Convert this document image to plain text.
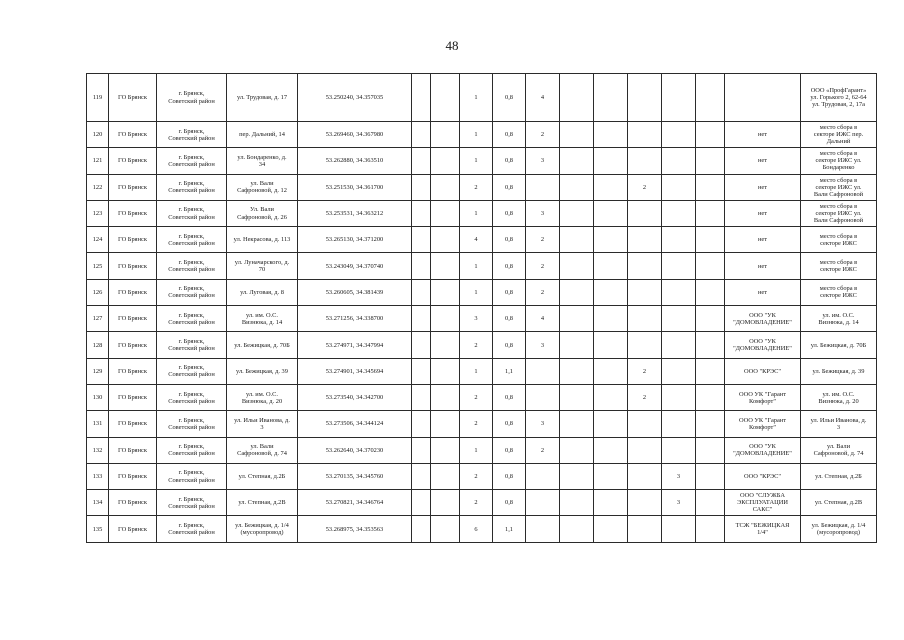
48
119	ГО Брянск	г. Брянск,
Советский район	ул. Трудовая, д. 17	53.250240, 34.357035			1	0,8	4							ООО «ПрофГарант»
ул. Горького 2, 62-64
ул. Трудовая, 2, 17а
120	ГО Брянск	г. Брянск,
Советский район	пер. Дальний, 14	53.269460, 34.367980			1	0,8	2						нет	место сбора в
секторе ИЖС пер.
Дальний
121	ГО Брянск	г. Брянск,
Советский район	ул. Бондаренко, д.
34	53.262880, 34.363510			1	0,8	3						нет	место сбора в
секторе ИЖС ул.
Бондаренко
122	ГО Брянск	г. Брянск,
Советский район	ул. Вали
Сафроновой, д. 12	53.251530, 34.361700			2	0,8				2			нет	место сбора в
секторе ИЖС ул.
Вали Сафроновой
123	ГО Брянск	г. Брянск,
Советский район	Ул. Вали
Сафроновой, д. 26	53.253531, 34.363212			1	0,8	3						нет	место сбора в
секторе ИЖС ул.
Вали Сафроновой
124	ГО Брянск	г. Брянск,
Советский район	ул. Некрасова, д. 113	53.265130, 34.371200			4	0,8	2						нет	место сбора в
секторе ИЖС
125	ГО Брянск	г. Брянск,
Советский район	ул. Луначарского, д.
70	53.243049, 34.370740			1	0,8	2						нет	место сбора в
секторе ИЖС
126	ГО Брянск	г. Брянск,
Советский район	ул. Луговая, д. 8	53.260605, 34.381439			1	0,8	2						нет	место сбора в
секторе ИЖС
127	ГО Брянск	г. Брянск,
Советский район	ул. им. О.С.
Визнюка, д. 14	53.271256, 34.338700			3	0,8	4						ООО "УК
"ДОМОВЛАДЕНИЕ"	ул. им. О.С.
Визнюка, д. 14
128	ГО Брянск	г. Брянск,
Советский район	ул. Бежицкая, д. 70Б	53.274971, 34.347994			2	0,8	3						ООО "УК
"ДОМОВЛАДЕНИЕ"	ул. Бежицкая, д. 70Б
129	ГО Брянск	г. Брянск,
Советский район	ул. Бежицкая, д. 39	53.274901, 34.345694			1	1,1				2			ООО "КРЭС"	ул. Бежицкая, д. 39
130	ГО Брянск	г. Брянск,
Советский район	ул. им. О.С.
Визнюка, д. 20	53.273540, 34.342700			2	0,8				2			ООО УК "Гарант
Комфорт"	ул. им. О.С.
Визнюка, д. 20
131	ГО Брянск	г. Брянск,
Советский район	ул. Ильи Иванова, д.
3	53.273506, 34.344124			2	0,8	3						ООО УК "Гарант
Комфорт"	ул. Ильи Иванова, д.
3
132	ГО Брянск	г. Брянск,
Советский район	ул. Вали
Сафроновой, д. 74	53.262640, 34.370230			1	0,8	2						ООО "УК
"ДОМОВЛАДЕНИЕ"	ул. Вали
Сафроновой, д. 74
133	ГО Брянск	г. Брянск,
Советский район	ул. Степная, д.2Б	53.270135, 34.345760			2	0,8					3		ООО "КРЭС"	ул. Степная, д.2Б
134	ГО Брянск	г. Брянск,
Советский район	ул. Степная, д.2В	53.270821, 34.346764			2	0,8					3		ООО "СЛУЖБА
ЭКСПЛУАТАЦИИ
САКС"	ул. Степная, д.2В
135	ГО Брянск	г. Брянск,
Советский район	ул. Бежицкая, д. 1/4
(мусоропровод)	53.268975, 34.353563			6	1,1							ТСЖ "БЕЖИЦКАЯ
1/4"	ул. Бежицкая, д. 1/4
(мусоропровод)
